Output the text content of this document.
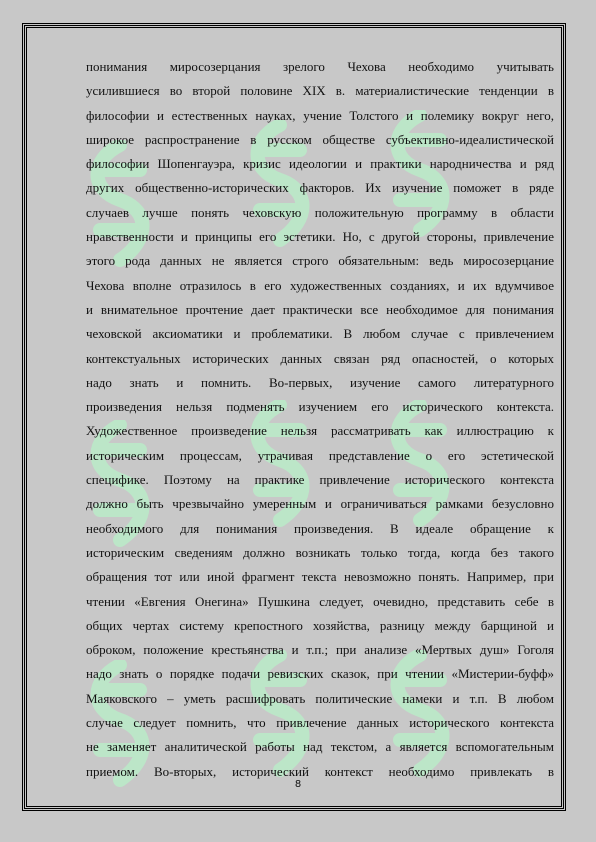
понимания миросозерцания зрелого Чехова необходимо учитывать
усилившиеся во второй половине XIX в. материалистические тенденции в
философии и естественных науках, учение Толстого и полемику вокруг него,
широкое распространение в русском обществе субъективно-идеалистической
философии Шопенгауэра, кризис идеологии и практики народничества и ряд
других общественно-исторических факторов. Их изучение поможет в ряде
случаев лучше понять чеховскую положительную программу в области
нравственности и принципы его эстетики. Но, с другой стороны, привлечение
этого рода данных не является строго обязательным: ведь миросозерцание
Чехова вполне отразилось в его художественных созданиях, и их вдумчивое
и внимательное прочтение дает практически все необходимое для понимания
чеховской аксиоматики и проблематики. В любом случае с привлечением
контекстуальных исторических данных связан ряд опасностей, о которых
надо знать и помнить. Во-первых, изучение самого литературного
произведения нельзя подменять изучением его исторического контекста.
Художественное произведение нельзя рассматривать как иллюстрацию к
историческим процессам, утрачивая представление о его эстетической
специфике. Поэтому на практике привлечение исторического контекста
должно быть чрезвычайно умеренным и ограничиваться рамками безусловно
необходимого для понимания произведения. В идеале обращение к
историческим сведениям должно возникать только тогда, когда без такого
обращения тот или иной фрагмент текста невозможно понять. Например, при
чтении «Евгения Онегина» Пушкина следует, очевидно, представить себе в
общих чертах систему крепостного хозяйства, разницу между барщиной и
оброком, положение крестьянства и т.п.; при анализе «Мертвых душ» Гоголя
надо знать о порядке подачи ревизских сказок, при чтении «Мистерии-буфф»
Маяковского – уметь расшифровать политические намеки и т.п. В любом
случае следует помнить, что привлечение данных исторического контекста
не заменяет аналитической работы над текстом, а является вспомогательным
приемом. Во-вторых, исторический контекст необходимо привлекать в
8
